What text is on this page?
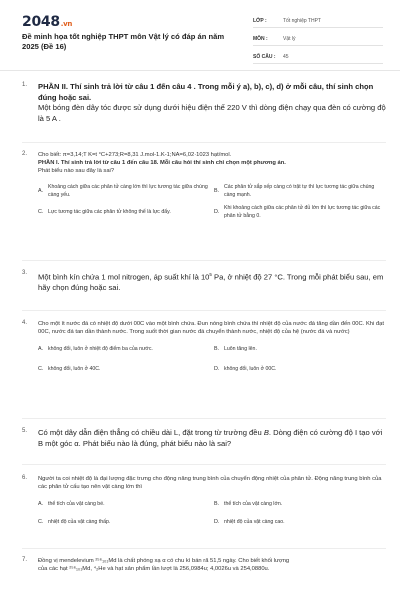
2048.vn
Đề minh họa tốt nghiệp THPT môn Vật lý có đáp án năm 2025 (Đề 16)
LỚP :	Tốt nghiệp THPT
MÔN :	Vật lý
SỐ CÂU :	45
1. PHẦN II. Thí sinh trả lời từ câu 1 đến câu 4 . Trong mỗi ý a), b), c), d) ở mỗi câu, thí sinh chọn đúng hoặc sai.

Một bóng đèn dây tóc được sử dụng dưới hiệu điện thế 220 V thì dòng điện chạy qua đèn có cường độ là 5 A .

2. Cho biết: π=3,14;T K=t °C+273;R=8,31 J.mol-1.K-1;NA=6,02·1023 hạt/mol.

PHẦN I. Thí sinh trả lời từ câu 1 đến câu 18. Mỗi câu hỏi thí sinh chỉ chọn một phương án.

Phát biểu nào sau đây là sai?

A.
Khoảng cách giữa các phân tử càng lớn thì lực tương tác giữa chúng càng yếu.
B.
Các phân tử sắp xếp càng có trật tự thì lực tương tác giữa chúng càng mạnh.
C. Lực tương tác giữa các phân tử không thể là lực đẩy.	D.
Khi khoảng cách giữa các phân tử đủ lớn thì lực tương tác giữa các phân tử bằng 0.
3. Một bình kín chứa 1 mol nitrogen, áp suất khí là $10^5$ Pa, ở nhiệt độ 27 °C. Trong mỗi phát biểu sau, em hãy chọn đúng hoặc sai.
4. Cho một ít nước đá có nhiệt độ dưới 00C vào một bình chứa. Đun nóng bình chứa thì nhiệt độ của nước đá tăng dần đến 00C. Khi đạt 00C, nước đá tan dần thành nước. Trong suốt thời gian nước đá chuyển thành nước, nhiệt độ của hệ (nước đá và nước)
A. không đổi, luôn ở nhiệt độ điểm ba của nước.	B. Luôn tăng lên.
C. không đổi, luôn ở 40C.	D. không đổi, luôn ở 00C.
5. Có một dây dẫn điện thẳng có chiều dài L, đặt trong từ trường đều B. Dòng điện có cường độ I tạo với B một góc α. Phát biểu nào là đúng, phát biểu nào là sai?
6. Người ta coi nhiệt độ là đại lượng đặc trưng cho động năng trung bình của chuyển động nhiệt của phân tử. Động năng trung bình của các phân tử cấu tạo nên vật càng lớn thì
A. thể tích của vật càng bé.	B. thể tích của vật càng lớn.
C. nhiệt độ của vật càng thấp.	D. nhiệt độ của vật càng cao.
7. Đồng vị mendelevium ²⁵⁶₁₀₁Md là chất phóng xạ α có chu kì bán rã 51,5 ngày. Cho biết khối lượng

của các hạt ²⁵⁶₁₀₁Md, ⁴₂He và hạt sản phẩm lần lượt là 256,0984u; 4,0026u và 254,0880u.
